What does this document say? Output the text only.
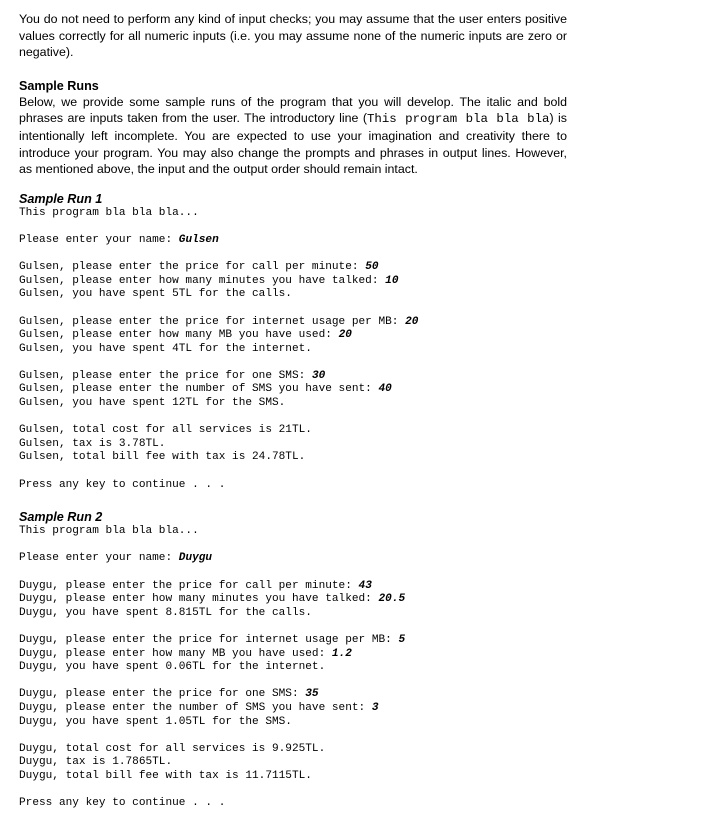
You do not need to perform any kind of input checks; you may assume that the user enters positive values correctly for all numeric inputs (i.e. you may assume none of the numeric inputs are zero or negative).

Sample Runs

Below, we provide some sample runs of the program that you will develop. The italic and bold phrases are inputs taken from the user. The introductory line (This program bla bla bla) is intentionally left incomplete. You are expected to use your imagination and creativity there to introduce your program. You may also change the prompts and phrases in output lines. However, as mentioned above, the input and the output order should remain intact.

Sample Run 1

This program bla bla bla...
Please enter your name: Gulsen
Gulsen, please enter the price for call per minute: 50
Gulsen, please enter how many minutes you have talked: 10
Gulsen, you have spent 5TL for the calls.
Gulsen, please enter the price for internet usage per MB: 20
Gulsen, please enter how many MB you have used: 20
Gulsen, you have spent 4TL for the internet.
Gulsen, please enter the price for one SMS: 30
Gulsen, please enter the number of SMS you have sent: 40
Gulsen, you have spent 12TL for the SMS.
Gulsen, total cost for all services is 21TL.
Gulsen, tax is 3.78TL.
Gulsen, total bill fee with tax is 24.78TL.
Press any key to continue . . .

Sample Run 2

This program bla bla bla...
Please enter your name: Duygu
Duygu, please enter the price for call per minute: 43
Duygu, please enter how many minutes you have talked: 20.5
Duygu, you have spent 8.815TL for the calls.
Duygu, please enter the price for internet usage per MB: 5
Duygu, please enter how many MB you have used: 1.2
Duygu, you have spent 0.06TL for the internet.
Duygu, please enter the price for one SMS: 35
Duygu, please enter the number of SMS you have sent: 3
Duygu, you have spent 1.05TL for the SMS.
Duygu, total cost for all services is 9.925TL.
Duygu, tax is 1.7865TL.
Duygu, total bill fee with tax is 11.7115TL.
Press any key to continue . . .
